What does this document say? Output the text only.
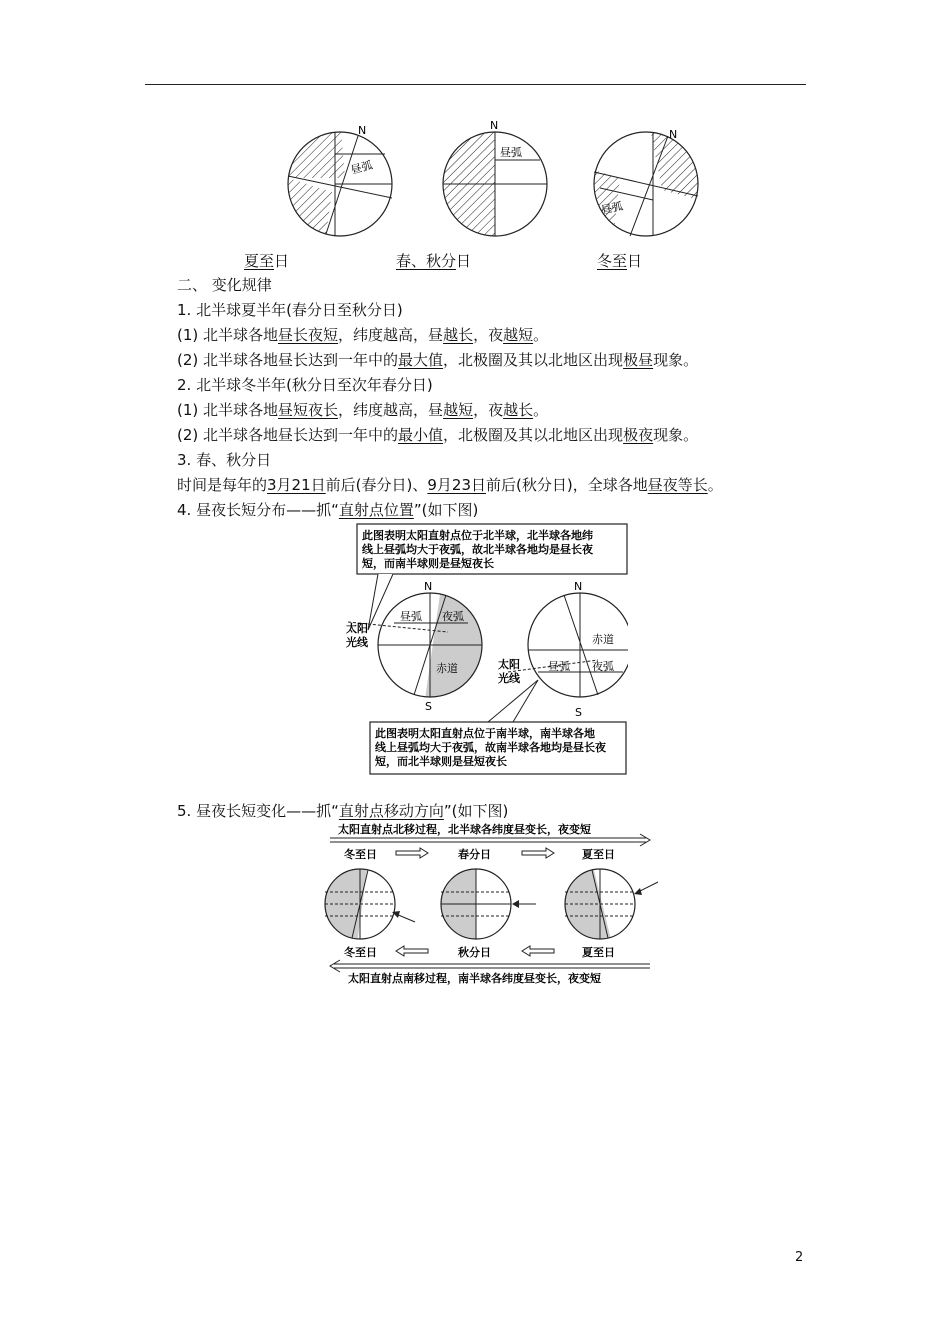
N
昼弧
N
昼弧
N
昼弧
夏至日	春、秋分日	冬至日
二、 变化规律
1. 北半球夏半年(春分日至秋分日)
(1) 北半球各地昼长夜短，纬度越高，昼越长，夜越短。
(2) 北半球各地昼长达到一年中的最大值，北极圈及其以北地区出现极昼现象。
2. 北半球冬半年(秋分日至次年春分日)
(1) 北半球各地昼短夜长，纬度越高，昼越短，夜越长。
(2) 北半球各地昼长达到一年中的最小值，北极圈及其以北地区出现极夜现象。
3. 春、秋分日
时间是每年的3月21日前后(春分日)、9月23日前后(秋分日)，全球各地昼夜等长。
4. 昼夜长短分布——抓“直射点位置”(如下图)
此图表明太阳直射点位于北半球，北半球各地纬
线上昼弧均大于夜弧，故北半球各地均是昼长夜
短，而南半球则是昼短夜长
N
S
昼弧 夜弧
赤道
太阳
光线
N
S
赤道
昼弧 夜弧
太阳
光线
此图表明太阳直射点位于南半球，南半球各地
线上昼弧均大于夜弧，故南半球各地均是昼长夜
短，而北半球则是昼短夜长
5. 昼夜长短变化——抓“直射点移动方向”(如下图)
太阳直射点北移过程，北半球各纬度昼变长，夜变短
冬至日	春分日	夏至日
冬至日	秋分日	夏至日
太阳直射点南移过程，南半球各纬度昼变长，夜变短
2
